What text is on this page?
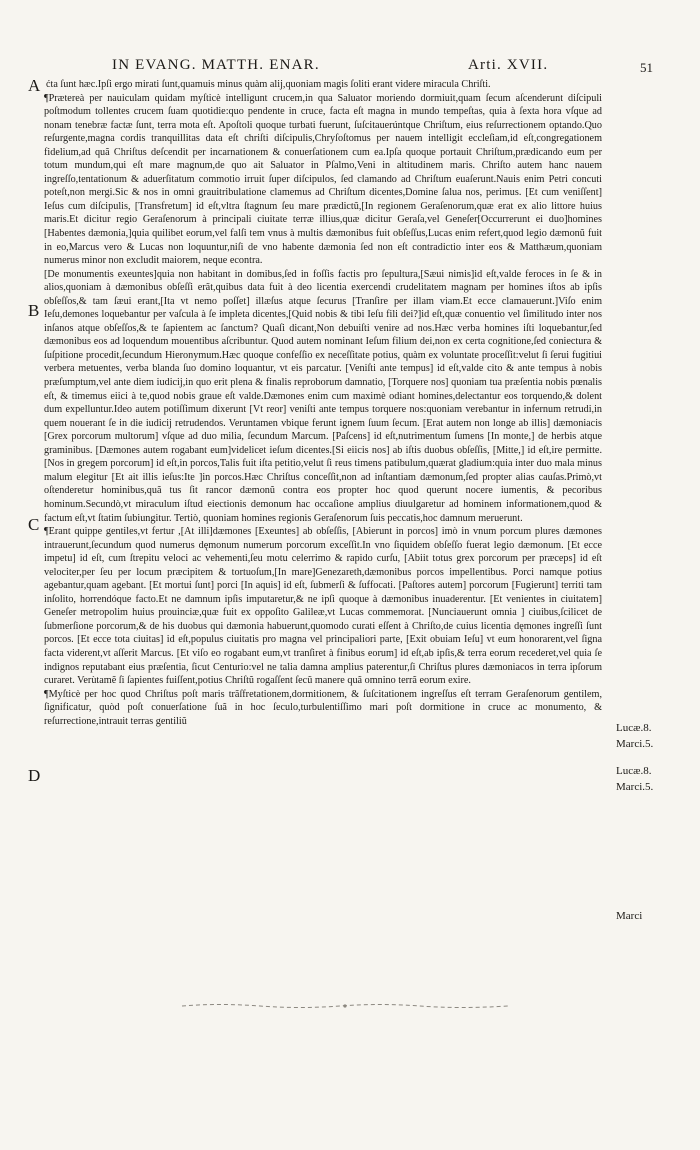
IN EVANG. MATTH. ENAR.	Arti. XVII.	51
A
B
C
D

ćta ſunt hæc.Ipſi ergo mirati ſunt,quamuis minus quàm alij,quoniam magis ſoliti erant videre miracula Chriſti.

¶Prætereà per nauiculam quidam myſticè intelligunt crucem,in qua Saluator moriendo dormiuit,quam ſecum aſcenderunt diſcipuli poſtmodum tollentes crucem ſuam quotidie:quo pendente in cruce, facta eſt magna in mundo tempeſtas, quia à ſexta hora vſque ad nonam tenebræ factæ ſunt, terra mota eſt. Apoſtoli quoque turbati fuerunt, ſuſcitauerúntque Chriſtum, eius reſurrectionem optando.Quo reſurgente,magna cordis tranquillitas data eſt chriſti diſcipulis,Chryſoſtomus per nauem intelligit eccleſiam,id eſt,congregationem fidelium,ad quã Chriſtus deſcendit per incarnationem & conuerſationem cum ea.Ipſa quoque portauit Chriſtum,prædicando eum per totum mundum,qui eſt mare magnum,de quo ait Saluator in Pſalmo,Veni in altitudinem maris. Chriſto autem hanc nauem ingreſſo,tentationum & aduerſitatum commotio irruit ſuper diſcipulos, ſed clamando ad Chriſtum euaſerunt.Nauis enim Petri concuti poteſt,non mergi.Sic & nos in omni grauitribulatione clamemus ad Chriſtum dicentes,Domine ſalua nos, perimus. [Et cum veniſſent] Ieſus cum diſcipulis, [Transfretum] id eſt,vltra ſtagnum ſeu mare prædictũ,[In regionem Geraſenorum,quæ erat ex alio littore huius maris.Et dicitur regio Geraſenorum à principali ciuitate terræ illius,quæ dicitur Geraſa,vel Geneſer[Occurrerunt ei duo]homines [Habentes dæmonia,]quia quilibet eorum,vel falſi tem vnus à multis dæmonibus fuit obſeſſus,Lucas enim refert,quod legio dæmonũ fuit in eo,Marcus vero & Lucas non loquuntur,niſi de vno habente dæmonia ſed non eſt contradictio inter eos & Matthæum,quoniam numerus minor non excludit maiorem, neque econtra.

[De monumentis exeuntes]quia non habitant in domibus,ſed in foſſis factis pro ſepultura,[Sæui nimis]id eſt,valde feroces in ſe & in alios,quoniam à dæmonibus obſeſſi erãt,quibus data fuit à deo licentia exercendi crudelitatem magnam per homines iſtos ab ipſis obſeſſos,& tam ſæui erant,[Ita vt nemo poſſet] illæſus atque ſecurus [Tranſire per illam viam.Et ecce clamauerunt.]Viſo enim Ieſu,demones loquebantur per vaſcula à ſe impleta dicentes,[Quid nobis & tibi Ieſu fili dei?]id eſt,quæ conuentio vel ſimilitudo inter nos inſanos atque obſeſſos,& te ſapientem ac ſanctum? Quaſi dicant,Non debuiſti venire ad nos.Hæc verba homines iſti loquebantur,ſed dæmonibus eos ad loquendum mouentibus aſcribuntur. Quod autem nominant Ieſum filium dei,non ex certa cognitione,ſed coniectura & ſuſpitione procedit,ſecundum Hieronymum.Hæc quoque confeſſio ex neceſſitate potius, quàm ex voluntate proceſſit:velut ſi ſerui fugitiui verbera metuentes, verba blanda ſuo domino loquantur, vt eis parcatur. [Veniſti ante tempus] id eſt,valde cito & ante tempus à nobis præſumptum,vel ante diem iudicij,in quo erit plena & finalis reproborum damnatio, [Torquere nos] quoniam tua præſentia nobis pœnalis eſt, & timemus eiici à te,quod nobis graue eſt valde.Dæmones enim cum maximè odiant homines,delectantur eos torquendo,& dolent dum expelluntur.Ideo autem potiſſimum dixerunt [Vt reor] veniſti ante tempus torquere nos:quoniam verebantur in infernum retrudi,in quem nouerant ſe in die iudicij retrudendos. Veruntamen vbique ferunt ignem ſuum ſecum. [Erat autem non longe ab illis] dæmoniacis [Grex porcorum multorum] vſque ad duo milia, ſecundum Marcum. [Paſcens] id eſt,nutrimentum ſumens [In monte,] de herbis atque graminibus. [Dæmones autem rogabant eum]videlicet ieſum dicentes.[Si eiicis nos] ab iſtis duobus obſeſſis, [Mitte,] id eſt,ire permitte. [Nos in gregem porcorum] id eſt,in porcos,Talis fuit iſta petitio,velut ſi reus timens patibulum,quærat gladium:quia inter duo mala minus malum elegitur [Et ait illis ieſus:Ite ]in porcos.Hæc Chriſtus conceſſit,non ad inſtantiam dæmonum,ſed propter alias cauſas.Primò,vt oſtenderetur hominibus,quã tus ſit rancor dæmonũ contra eos propter hoc quod querunt nocere iumentis, & pecoribus hominum.Secundò,vt miraculum iſtud eiectionis demonum hac occaſione amplius diuulgaretur ad hominem informationem,quod & factum eſt,vt ſtatim ſubiungitur. Tertiò, quoniam homines regionis Geraſenorum ſuis peccatis,hoc damnum meruerunt.

¶Erant quippe gentiles,vt fertur ,[At illi]dæmones [Exeuntes] ab obſeſſis, [Abierunt in porcos] imò in vnum porcum plures dæmones intrauerunt,ſecundum quod numerus dęmonum numerum porcorum exceſſit.In vno ſiquidem obſeſſo fuerat legio dæmonum. [Et ecce impetu] id eſt, cum ſtrepitu veloci ac vehementi,ſeu motu celerrimo & rapido curſu, [Abiit totus grex porcorum per præceps] id eſt velociter,per ſeu per locum præcipitem & tortuoſum,[In mare]Genezareth,dæmonibus porcos impellentibus. Porci namque potius agebantur,quam agebant. [Et mortui ſunt] porci [In aquis] id eſt, ſubmerſi & ſuffocati. [Paſtores autem] porcorum [Fugierunt] territi tam inſolito, horrendóque facto.Et ne damnum ipſis imputaretur,& ne ipſi quoque à dæmonibus inuaderentur. [Et venientes in ciuitatem] Geneſer metropolim huius prouinciæ,quæ fuit ex oppoſito Galileæ,vt Lucas commemorat. [Nunciauerunt omnia ] ciuibus,ſcilicet de ſubmerſione porcorum,& de his duobus qui dæmonia habuerunt,quomodo curati eſſent à Chriſto,de cuius licentia dęmones ingreſſi ſunt porcos. [Et ecce tota ciuitas] id eſt,populus ciuitatis pro magna vel principaliori parte, [Exit obuiam Ieſu] vt eum honorarent,vel ſigna facta viderent,vt aſſerit Marcus. [Et viſo eo rogabant eum,vt tranſiret à finibus eorum] id eſt,ab ipſis,& terra eorum recederet,vel quia ſe indignos reputabant eius præſentia, ſicut Centurio:vel ne talia damna amplius paterentur,ſi Chriſtus plures dæmoniacos in terra ipſorum curaret. Verùtamẽ ſi ſapientes fuiſſent,potius Chriſtũ rogaſſent ſecũ manere quã omnino terrã eorum exire.

¶Myſticè per hoc quod Chriſtus poſt maris trãſfretationem,dormitionem, & ſuſcitationem ingreſſus eſt terram Geraſenorum gentilem, ſignificatur, quòd poſt conuerſatione ſuã in hoc ſeculo,turbulentiſſimo mari poſt dormitione in cruce ac monumento, & reſurrectione,intrauit terras gentiliũ

Lucæ.8.
Marci.5.
Lucæ.8.
Marci.5.
Marci
